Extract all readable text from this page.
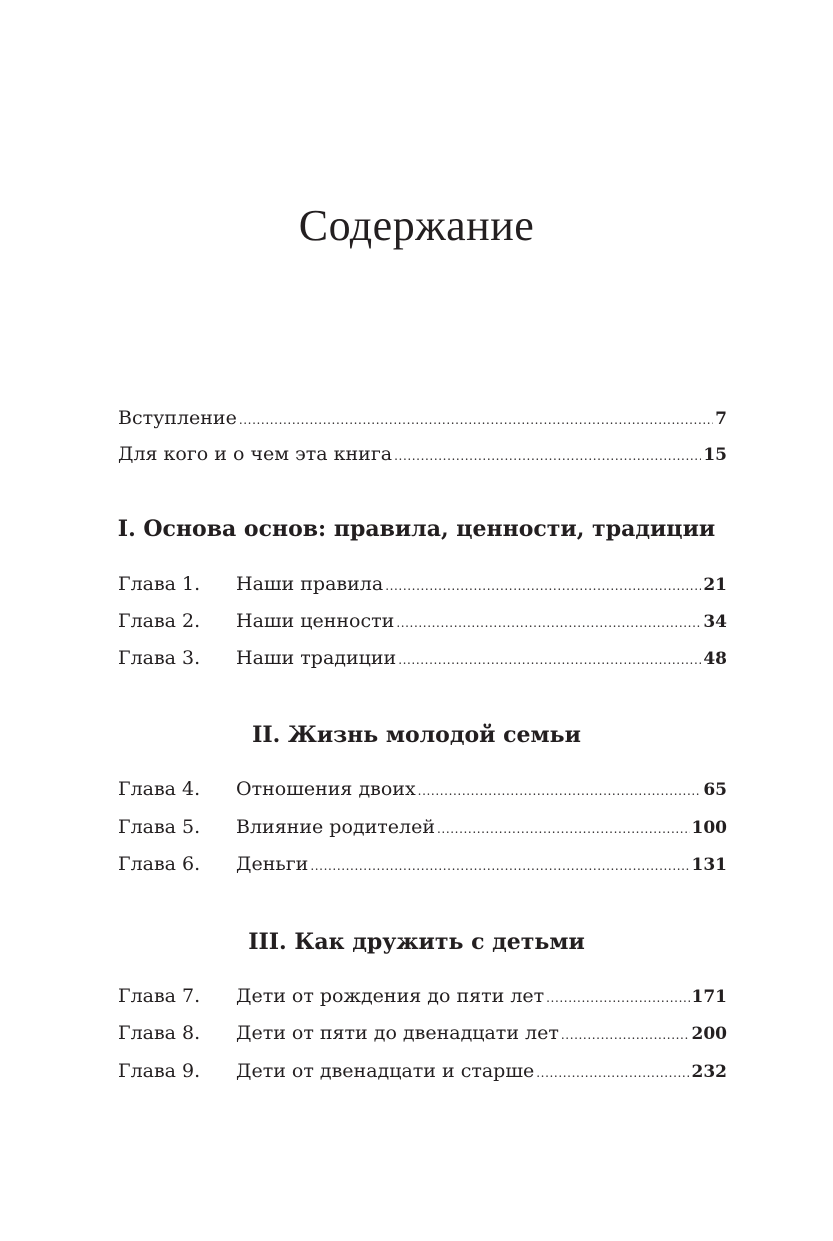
Содержание
Вступление .....	7
Для кого и о чем эта книга .....	15
I. Основа основ: правила, ценности, традиции
Глава 1.	Наши правила .....	21
Глава 2.	Наши ценности .....	34
Глава 3.	Наши традиции .....	48
II. Жизнь молодой семьи
Глава 4.	Отношения двоих .....	65
Глава 5.	Влияние родителей .....	100
Глава 6.	Деньги .....	131
III. Как дружить с детьми
Глава 7.	Дети от рождения до пяти лет .....	171
Глава 8.	Дети от пяти до двенадцати лет .....	200
Глава 9.	Дети от двенадцати и старше .....	232
